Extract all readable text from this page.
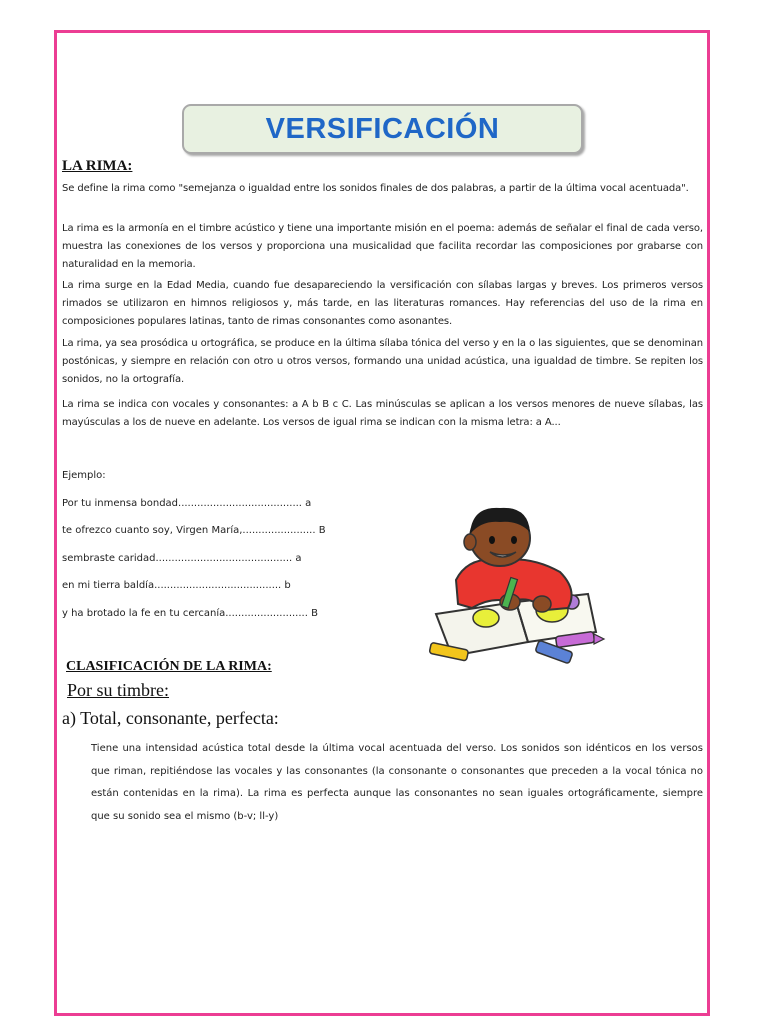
VERSIFICACIÓN
LA RIMA:
Se define la rima como "semejanza o igualdad entre los sonidos finales de dos palabras, a partir de la última vocal acentuada".
La rima es la armonía en el timbre acústico y tiene una importante misión en el poema: además de señalar el final de cada verso, muestra las conexiones de los versos y proporciona una musicalidad que facilita recordar las composiciones por grabarse con naturalidad en la memoria.
La rima surge en la Edad Media, cuando fue desapareciendo la versificación con sílabas largas y breves. Los primeros versos rimados se utilizaron en himnos religiosos y, más tarde, en las literaturas romances. Hay referencias del uso de la rima en composiciones populares latinas, tanto de rimas consonantes como asonantes.
La rima, ya sea prosódica u ortográfica, se produce en la última sílaba tónica del verso y en la o las siguientes, que se denominan postónicas, y siempre en relación con otro u otros versos, formando una unidad acústica, una igualdad de timbre. Se repiten los sonidos, no la ortografía.
La rima se indica con vocales y consonantes: a A b B c C. Las minúsculas se aplican a los versos menores de nueve sílabas, las mayúsculas a los de nueve en adelante. Los versos de igual rima se indican con la misma letra: a A...
Ejemplo:
Por tu inmensa bondad....................................... a
te ofrezco cuanto soy, Virgen María,....................... B
sembraste caridad........................................... a
en mi tierra baldía........................................ b
y ha brotado la fe en tu cercanía.......................... B
CLASIFICACIÓN DE LA RIMA:
Por su timbre:
a) Total, consonante, perfecta:
Tiene una intensidad acústica total desde la última vocal acentuada del verso. Los sonidos son idénticos en los versos que riman, repitiéndose las vocales y las consonantes (la consonante o consonantes que preceden a la vocal tónica no están contenidas en la rima). La rima es perfecta aunque las consonantes no sean iguales ortográficamente, siempre que su sonido sea el mismo (b-v; ll-y)
